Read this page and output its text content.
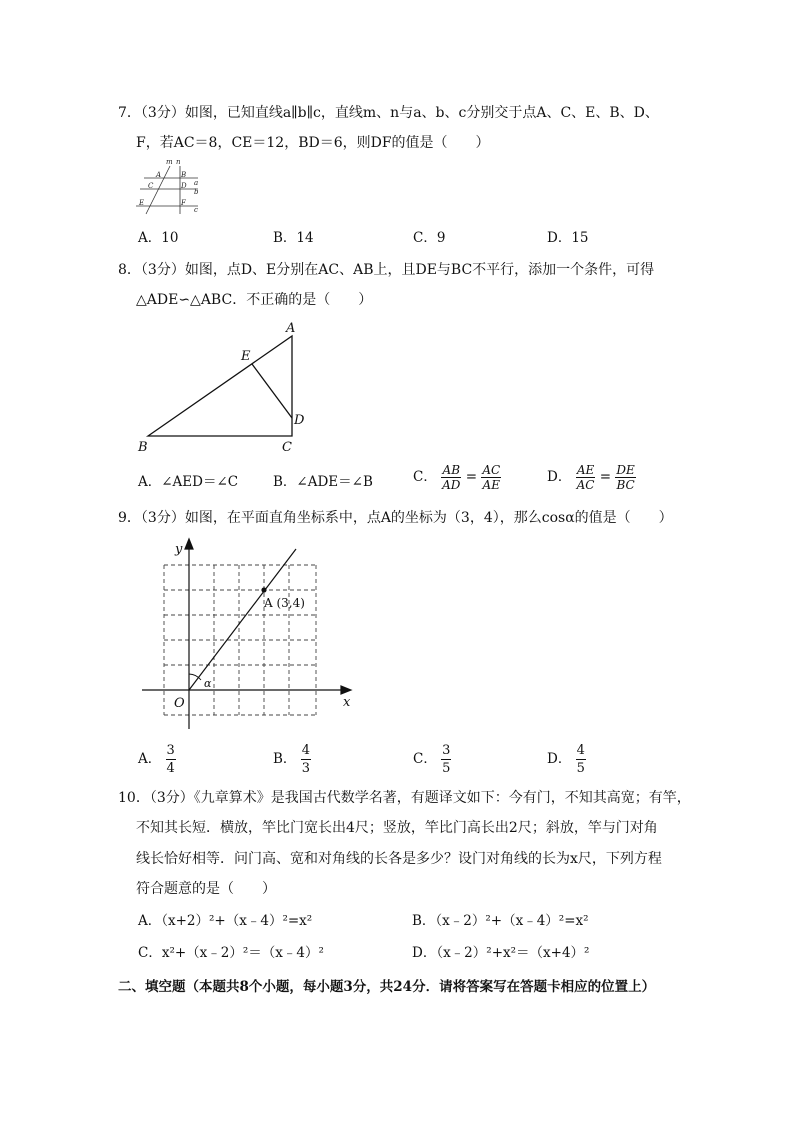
7．（3分）如图，已知直线a∥b∥c，直线m、n与a、b、c分别交于点A、C、E、B、D、
F，若AC＝8，CE＝12，BD＝6，则DF的值是（　　）
m n
A	B
C	D
E	F
a
b
c
A．10	B．14	C．9	D．15
8．（3分）如图，点D、E分别在AC、AB上，且DE与BC不平行，添加一个条件，可得
△ADE∽△ABC．不正确的是（　　）
A
B	C
D
E
A．∠AED＝∠C	B．∠ADE＝∠B	C． $\frac{AB}{AD} = \frac{AC}{AE}$	D． $\frac{AE}{AC} = \frac{DE}{BC}$
9．（3分）如图，在平面直角坐标系中，点A的坐标为（3，4），那么cosα的值是（　　）
y
x
O
α
A (3,4)
A． $\frac{3}{4}$	B． $\frac{4}{3}$	C． $\frac{3}{5}$	D． $\frac{4}{5}$
10．（3分）《九章算术》是我国古代数学名著，有题译文如下：今有门，不知其高宽；有竿，
不知其长短．横放，竿比门宽长出4尺；竖放，竿比门高长出2尺；斜放，竿与门对角
线长恰好相等．问门高、宽和对角线的长各是多少？设门对角线的长为x尺，下列方程
符合题意的是（　　）
A．（x+2）²+（x﹣4）²=x²	B．（x﹣2）²+（x﹣4）²=x²
C．x²+（x﹣2）²＝（x﹣4）²	D．（x﹣2）²+x²＝（x+4）²
二、填空题（本题共8个小题，每小题3分，共24分．请将答案写在答题卡相应的位置上）
